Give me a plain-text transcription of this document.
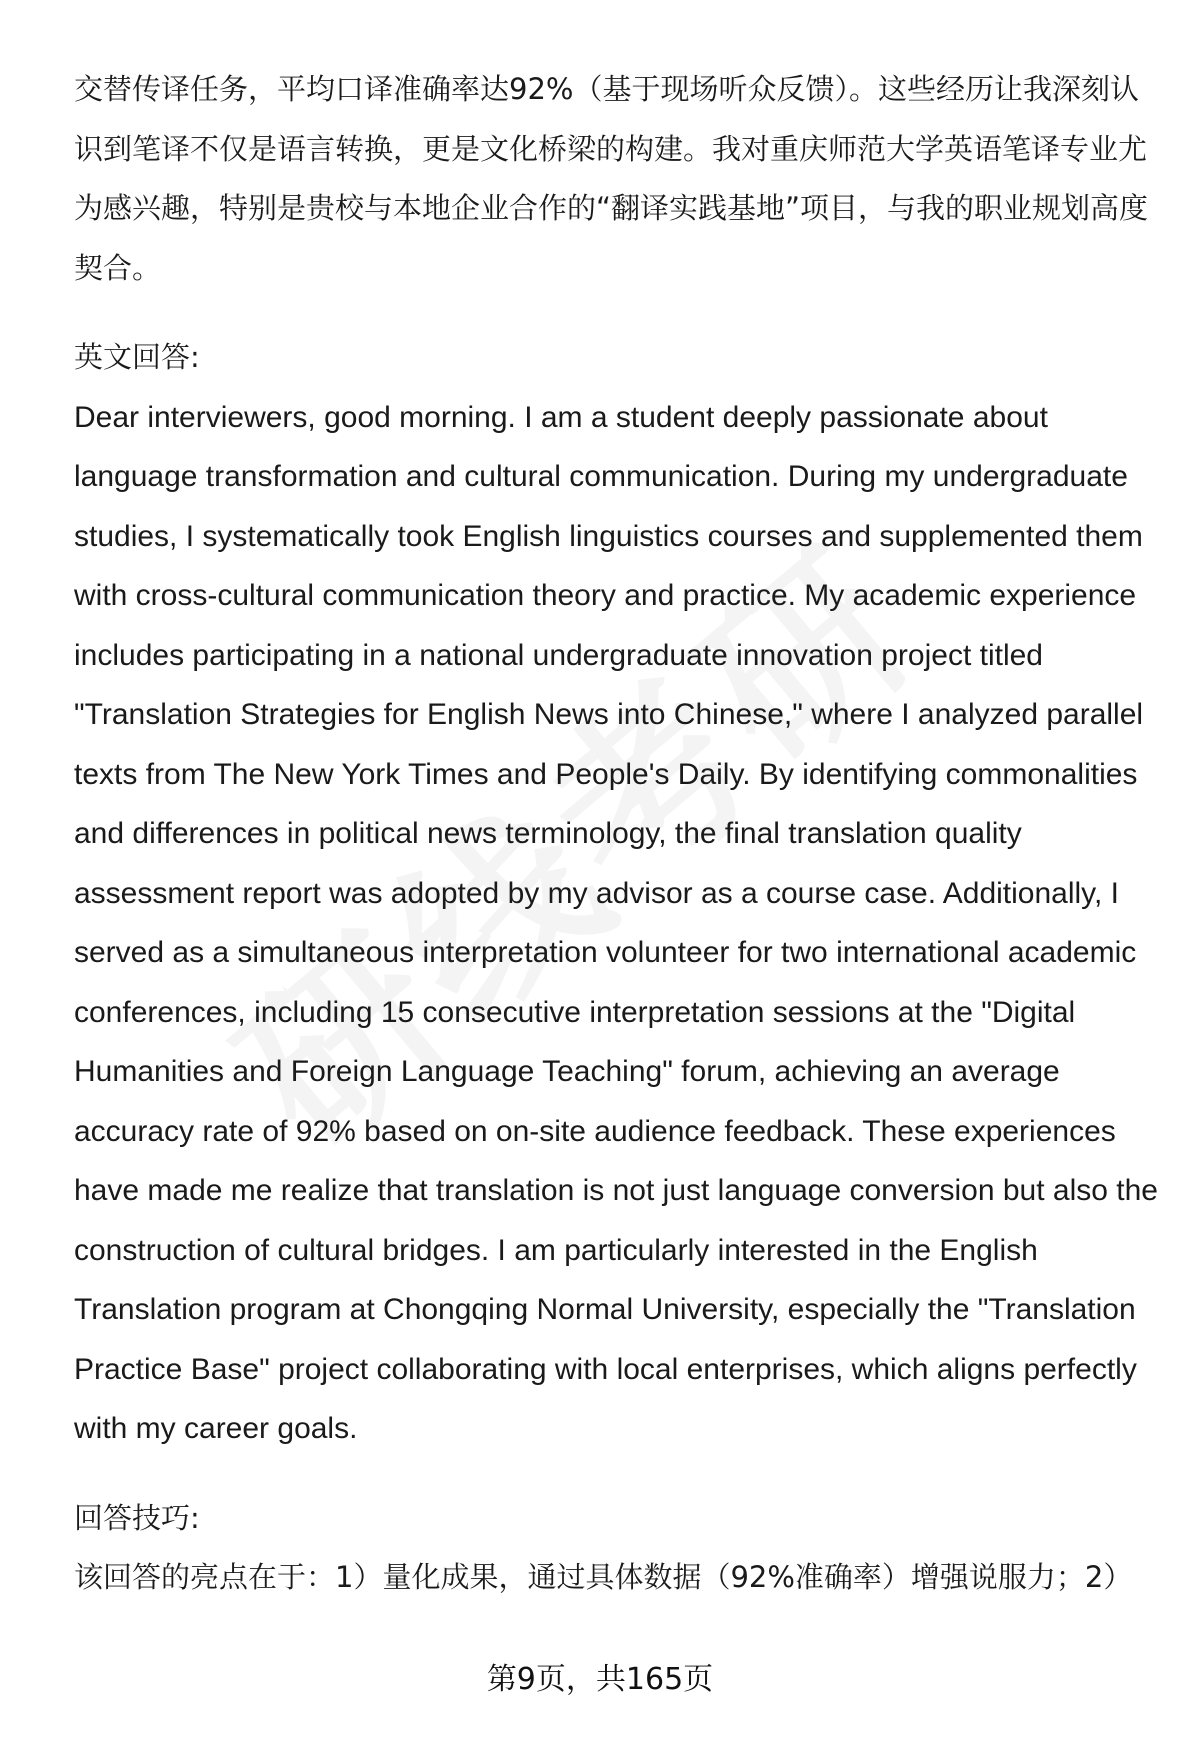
交替传译任务，平均口译准确率达92%（基于现场听众反馈）。这些经历让我深刻认识到笔译不仅是语言转换，更是文化桥梁的构建。我对重庆师范大学英语笔译专业尤为感兴趣，特别是贵校与本地企业合作的“翻译实践基地”项目，与我的职业规划高度契合。

英文回答:

Dear interviewers, good morning. I am a student deeply passionate about language transformation and cultural communication. During my undergraduate studies, I systematically took English linguistics courses and supplemented them with cross-cultural communication theory and practice. My academic experience includes participating in a national undergraduate innovation project titled "Translation Strategies for English News into Chinese," where I analyzed parallel texts from The New York Times and People's Daily. By identifying commonalities and differences in political news terminology, the final translation quality assessment report was adopted by my advisor as a course case. Additionally, I served as a simultaneous interpretation volunteer for two international academic conferences, including 15 consecutive interpretation sessions at the "Digital Humanities and Foreign Language Teaching" forum, achieving an average accuracy rate of 92% based on on-site audience feedback. These experiences have made me realize that translation is not just language conversion but also the construction of cultural bridges. I am particularly interested in the English Translation program at Chongqing Normal University, especially the "Translation Practice Base" project collaborating with local enterprises, which aligns perfectly with my career goals.

回答技巧:

该回答的亮点在于：1）量化成果，通过具体数据（92%准确率）增强说服力；2）

第9页，共165页
